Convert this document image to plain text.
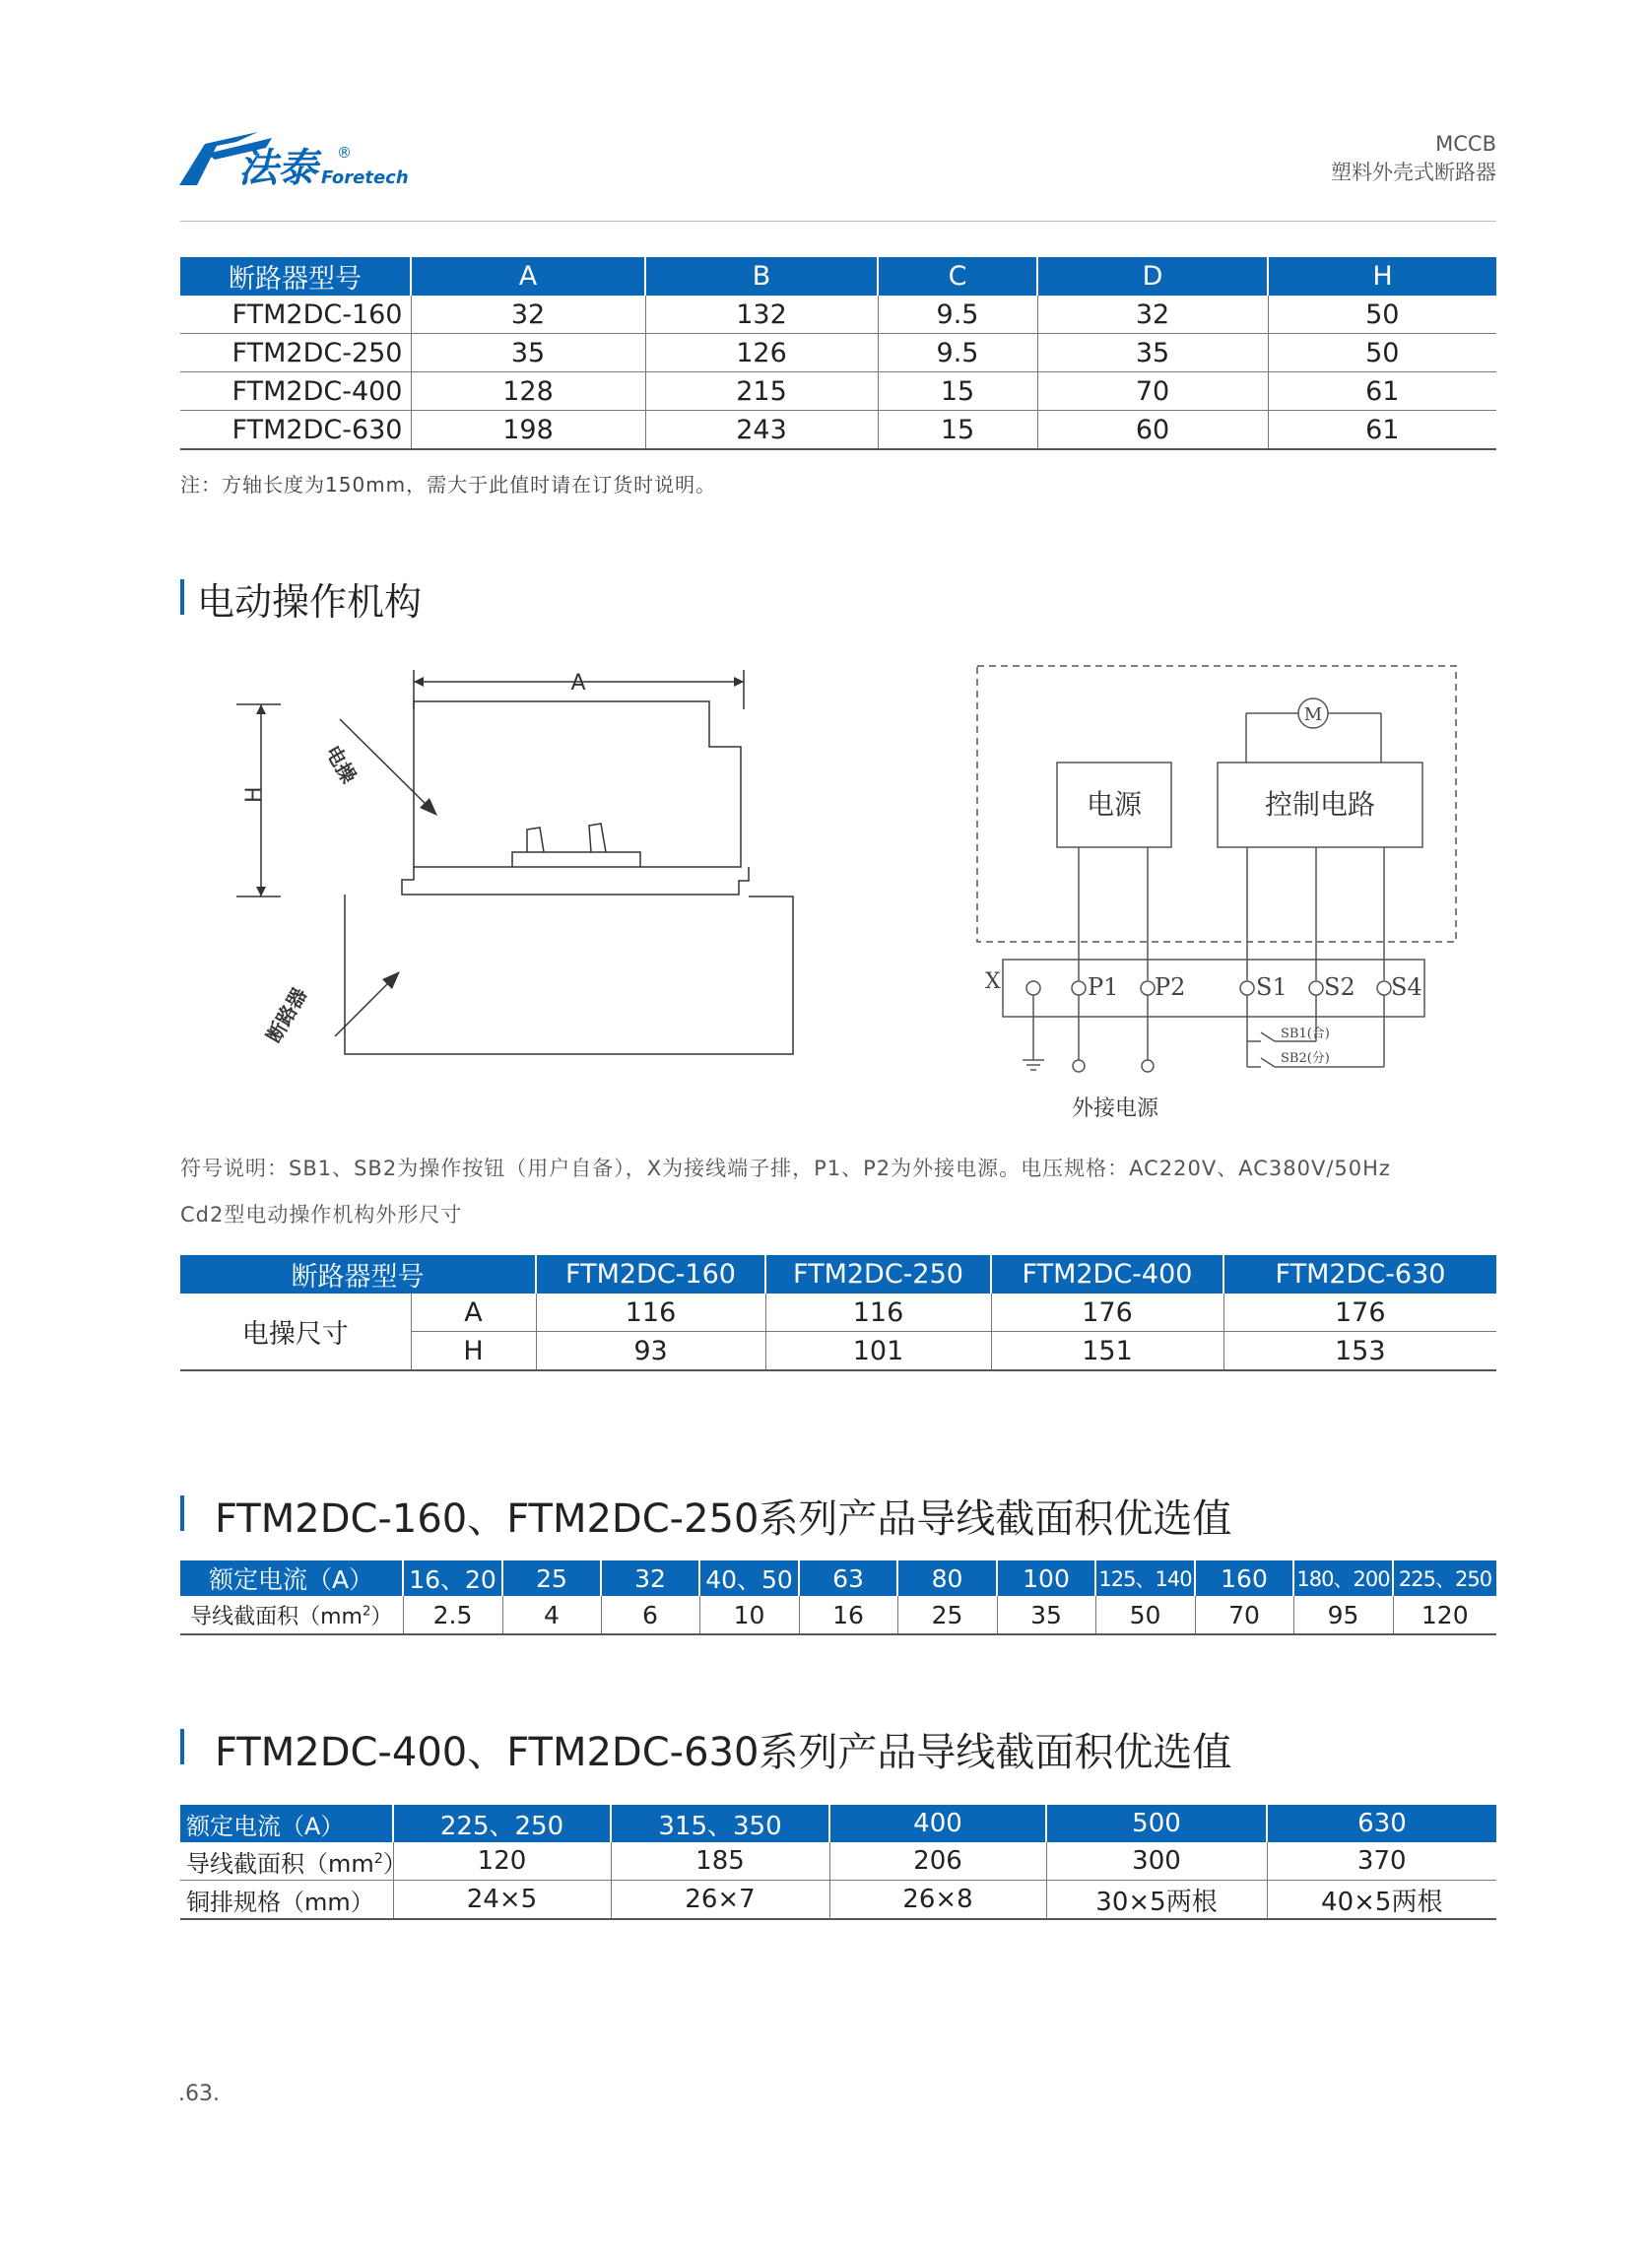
法泰	®
Foretech
MCCB
塑料外壳式断路器
断路器型号	A	B	C	D	H
FTM2DC-160	32	132	9.5	32	50
FTM2DC-250	35	126	9.5	35	50
FTM2DC-400	128	215	15	70	61
FTM2DC-630	198	243	15	60	61
注：方轴长度为150mm，需大于此值时请在订货时说明。
电动操作机构
A
H
电操
断路器
M
X	P1 P2	S1 S2 S4
SB1(合)
SB2(分)
电源	控制电路
外接电源
符号说明：SB1、SB2为操作按钮（用户自备），X为接线端子排，P1、P2为外接电源。电压规格：AC220V、AC380V/50Hz
Cd2型电动操作机构外形尺寸
断路器型号		FTM2DC-160	FTM2DC-250	FTM2DC-400	FTM2DC-630
电操尺寸	A	116	116	176	176
	H	93	101	151	153
FTM2DC-160、FTM2DC-250系列产品导线截面积优选值
额定电流（A）	16、20	25	32	40、50	63	80	100	125、140	160	180、200	225、250
导线截面积$(mm^2)$	2.5	4	6	10	16	25	35	50	70	95	120
FTM2DC-400、FTM2DC-630系列产品导线截面积优选值
额定电流（A）	225、250	315、350	400	500	630
导线截面积$(mm^2)$	120	185	206	300	370
铜排规格（mm）	24×5	26×7	26×8	30×5两根	40×5两根
.63.
